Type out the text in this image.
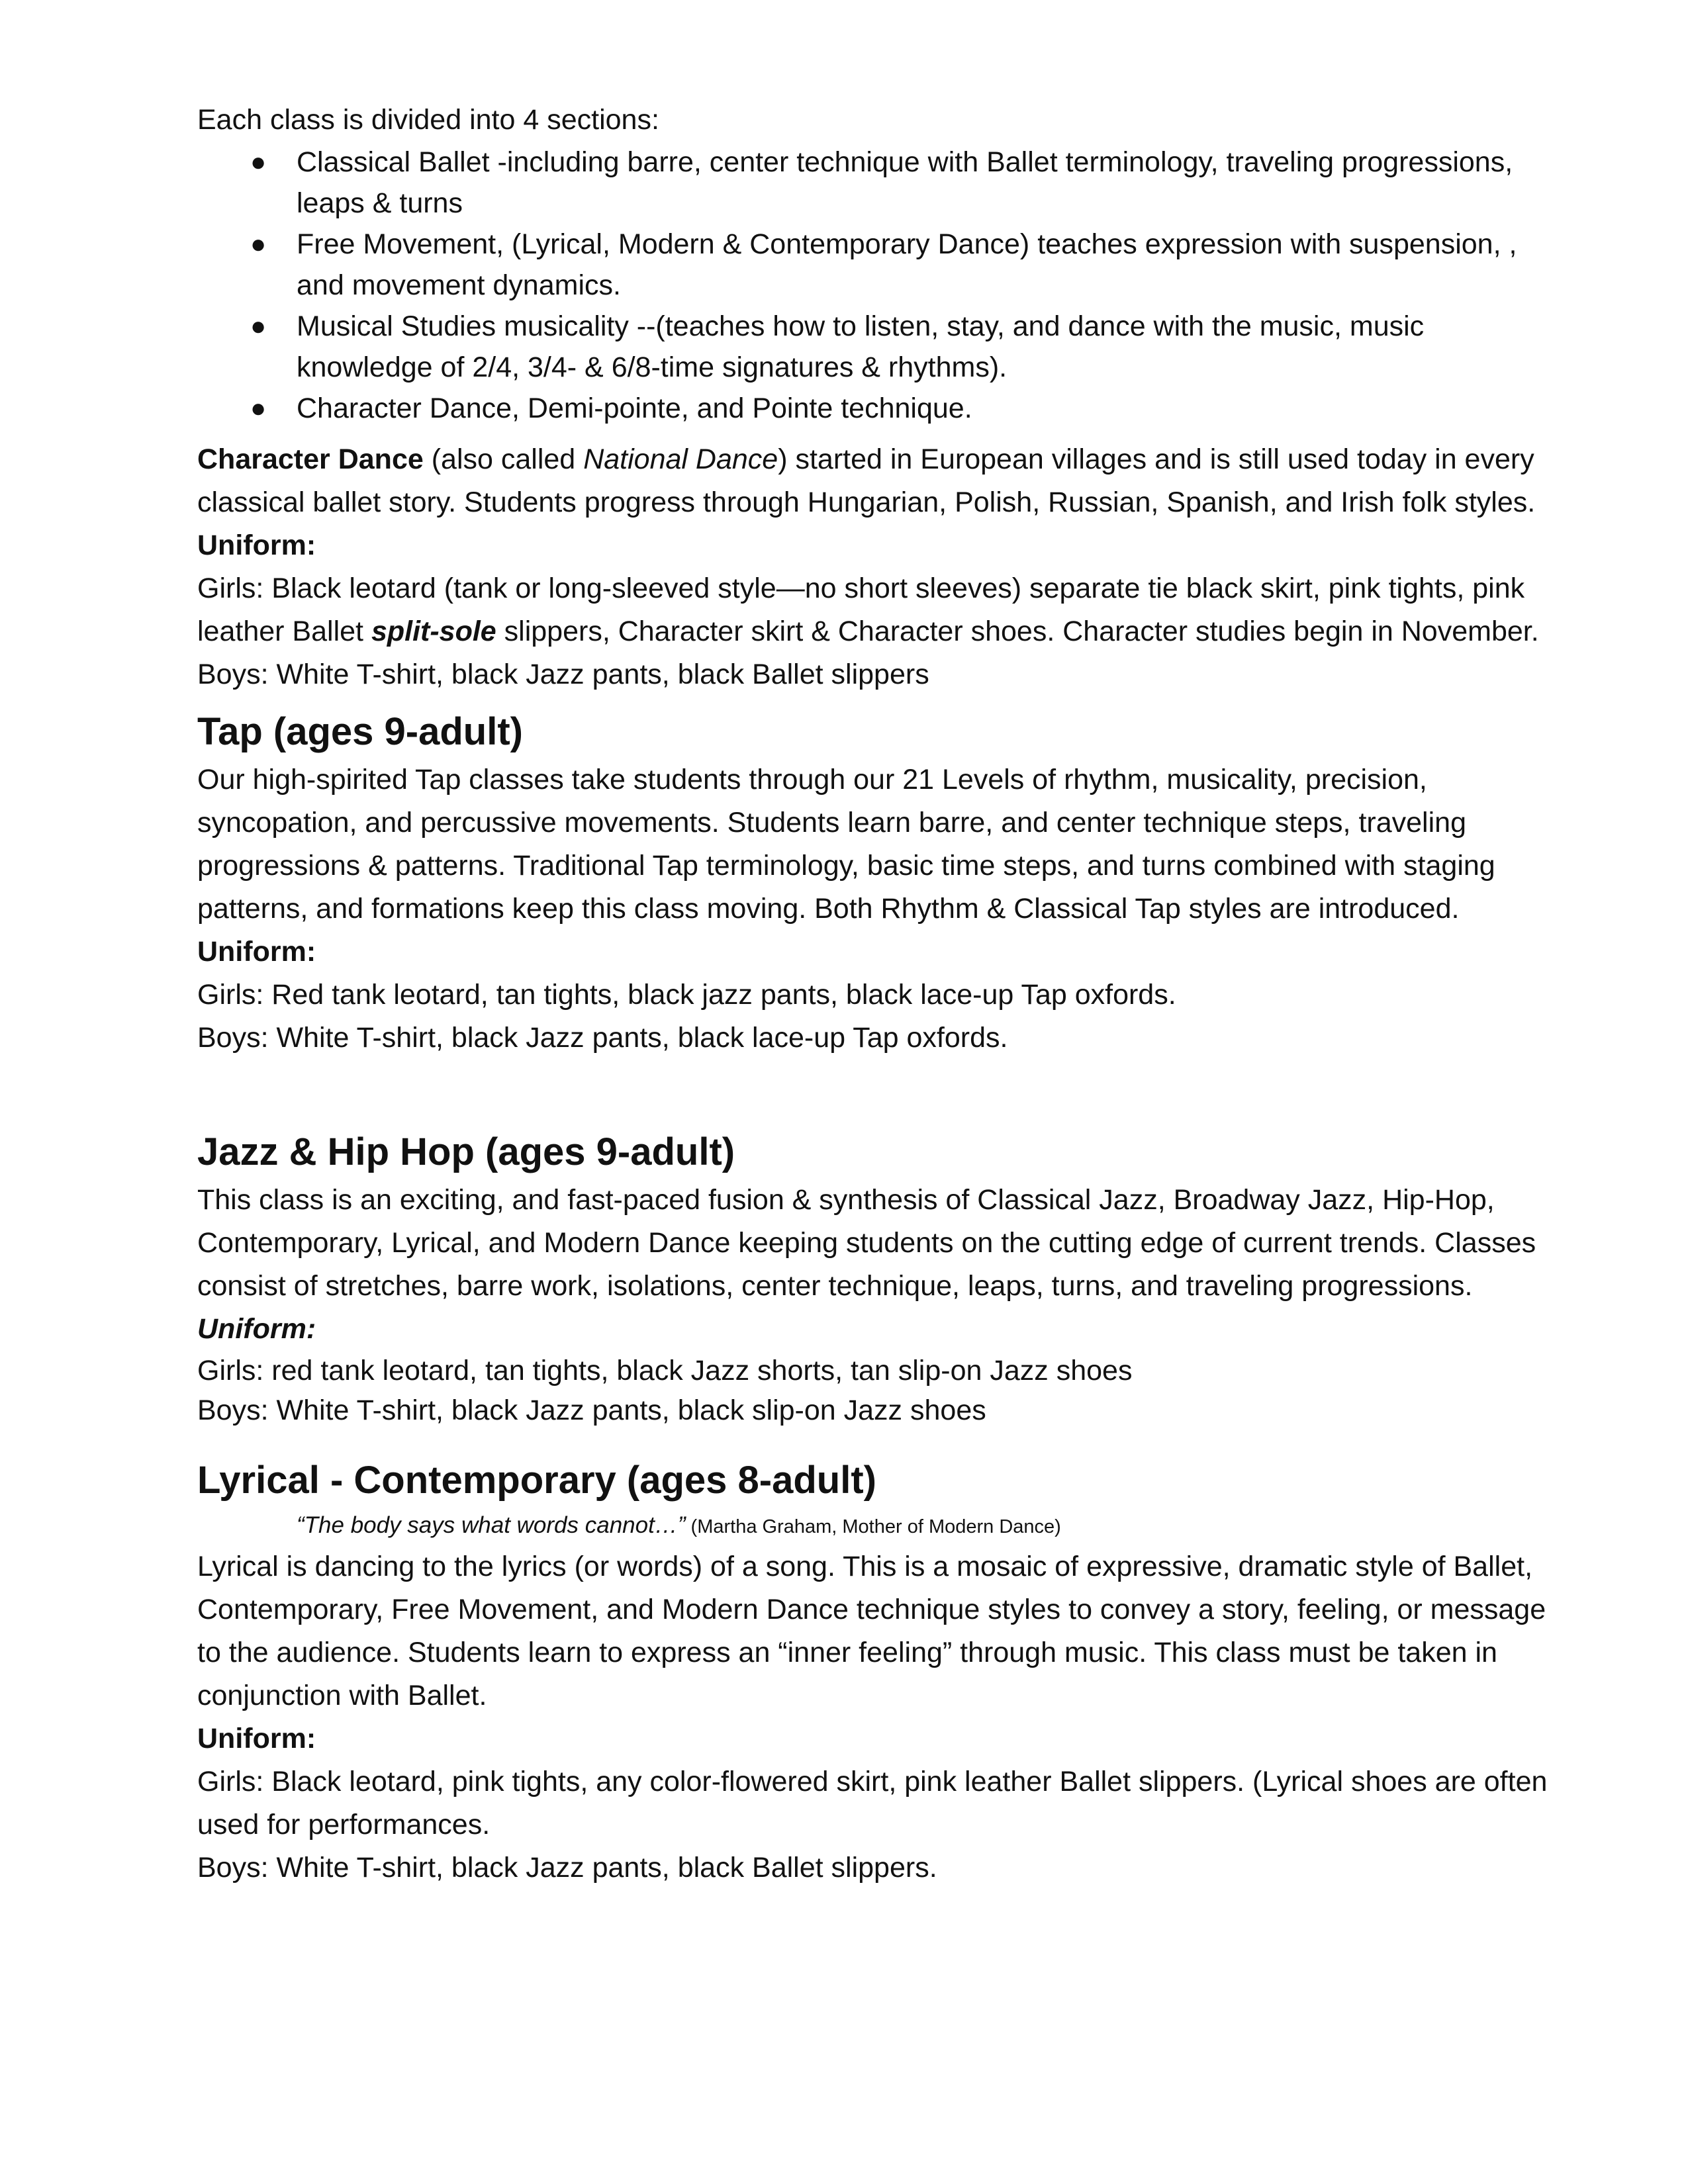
Each class is divided into 4 sections:

● Classical Ballet -including barre, center technique with Ballet terminology, traveling progressions, leaps & turns
● Free Movement, (Lyrical, Modern & Contemporary Dance) teaches expression with suspension, , and movement dynamics.
● Musical Studies musicality --(teaches how to listen, stay, and dance with the music, music knowledge of 2/4, 3/4- & 6/8-time signatures & rhythms).
● Character Dance, Demi-pointe, and Pointe technique.

Character Dance (also called National Dance) started in European villages and is still used today in every classical ballet story. Students progress through Hungarian, Polish, Russian, Spanish, and Irish folk styles.

Uniform:

Girls: Black leotard (tank or long-sleeved style—no short sleeves) separate tie black skirt, pink tights, pink leather Ballet split-sole slippers, Character skirt & Character shoes. Character studies begin in November.

Boys: White T-shirt, black Jazz pants, black Ballet slippers

Tap (ages 9-adult)

Our high-spirited Tap classes take students through our 21 Levels of rhythm, musicality, precision, syncopation, and percussive movements. Students learn barre, and center technique steps, traveling progressions & patterns. Traditional Tap terminology, basic time steps, and turns combined with staging patterns, and formations keep this class moving. Both Rhythm & Classical Tap styles are introduced.

Uniform:

Girls: Red tank leotard, tan tights, black jazz pants, black lace-up Tap oxfords.

Boys: White T-shirt, black Jazz pants, black lace-up Tap oxfords.

Jazz & Hip Hop (ages 9-adult)

This class is an exciting, and fast-paced fusion & synthesis of Classical Jazz, Broadway Jazz, Hip-Hop, Contemporary, Lyrical, and Modern Dance keeping students on the cutting edge of current trends. Classes consist of stretches, barre work, isolations, center technique, leaps, turns, and traveling progressions.

Uniform:

Girls: red tank leotard, tan tights, black Jazz shorts, tan slip-on Jazz shoes

Boys: White T-shirt, black Jazz pants, black slip-on Jazz shoes

Lyrical - Contemporary (ages 8-adult)

“The body says what words cannot…” (Martha Graham, Mother of Modern Dance)

Lyrical is dancing to the lyrics (or words) of a song. This is a mosaic of expressive, dramatic style of Ballet, Contemporary, Free Movement, and Modern Dance technique styles to convey a story, feeling, or message to the audience. Students learn to express an “inner feeling” through music. This class must be taken in conjunction with Ballet.

Uniform:

Girls: Black leotard, pink tights, any color-flowered skirt, pink leather Ballet slippers. (Lyrical shoes are often used for performances.

Boys: White T-shirt, black Jazz pants, black Ballet slippers.
